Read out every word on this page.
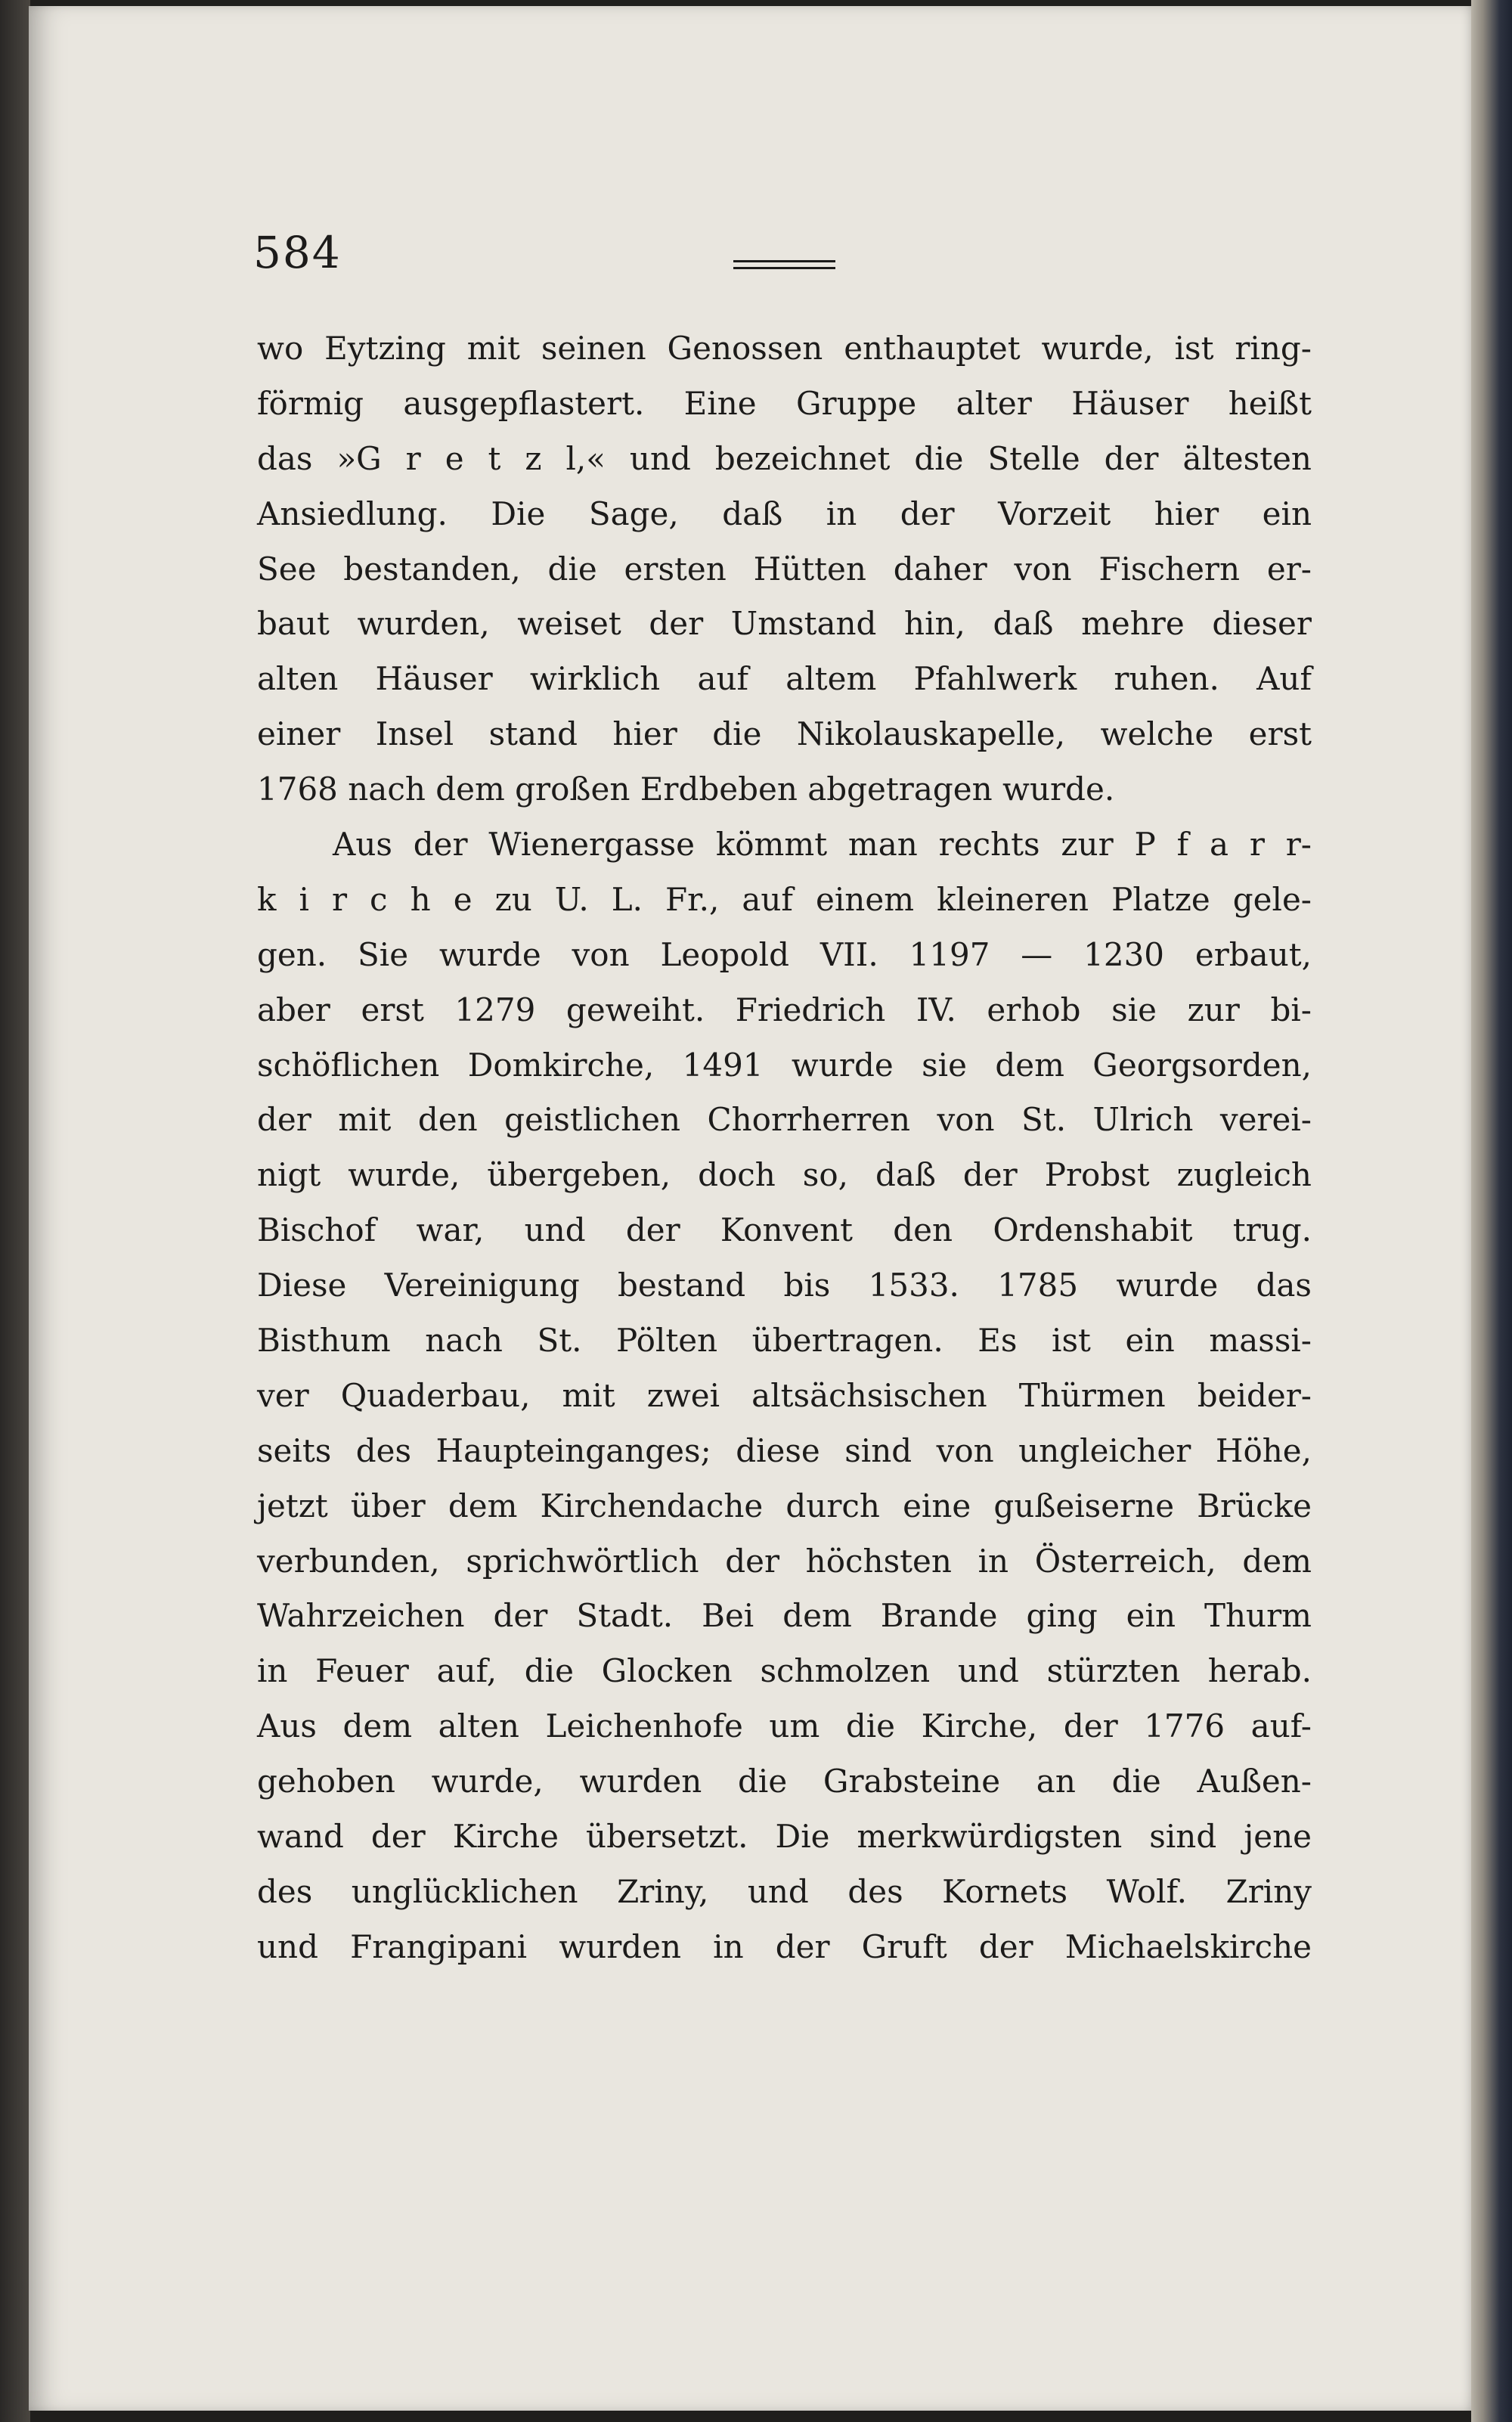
584
wo Eytzing mit seinen Genossen enthauptet wurde, ist ring-
förmig ausgepflastert. Eine Gruppe alter Häuser heißt
das »G r e t z l,« und bezeichnet die Stelle der ältesten
Ansiedlung. Die Sage, daß in der Vorzeit hier ein
See bestanden, die ersten Hütten daher von Fischern er-
baut wurden, weiset der Umstand hin, daß mehre dieser
alten Häuser wirklich auf altem Pfahlwerk ruhen. Auf
einer Insel stand hier die Nikolauskapelle, welche erst
1768 nach dem großen Erdbeben abgetragen wurde.
Aus der Wienergasse kömmt man rechts zur P f a r r-
k i r c h e zu U. L. Fr., auf einem kleineren Platze gele-
gen. Sie wurde von Leopold VII. 1197 — 1230 erbaut,
aber erst 1279 geweiht. Friedrich IV. erhob sie zur bi-
schöflichen Domkirche, 1491 wurde sie dem Georgsorden,
der mit den geistlichen Chorrherren von St. Ulrich verei-
nigt wurde, übergeben, doch so, daß der Probst zugleich
Bischof war, und der Konvent den Ordenshabit trug.
Diese Vereinigung bestand bis 1533. 1785 wurde das
Bisthum nach St. Pölten übertragen. Es ist ein massi-
ver Quaderbau, mit zwei altsächsischen Thürmen beider-
seits des Haupteinganges; diese sind von ungleicher Höhe,
jetzt über dem Kirchendache durch eine gußeiserne Brücke
verbunden, sprichwörtlich der höchsten in Österreich, dem
Wahrzeichen der Stadt. Bei dem Brande ging ein Thurm
in Feuer auf, die Glocken schmolzen und stürzten herab.
Aus dem alten Leichenhofe um die Kirche, der 1776 auf-
gehoben wurde, wurden die Grabsteine an die Außen-
wand der Kirche übersetzt. Die merkwürdigsten sind jene
des unglücklichen Zriny, und des Kornets Wolf. Zriny
und Frangipani wurden in der Gruft der Michaelskirche
